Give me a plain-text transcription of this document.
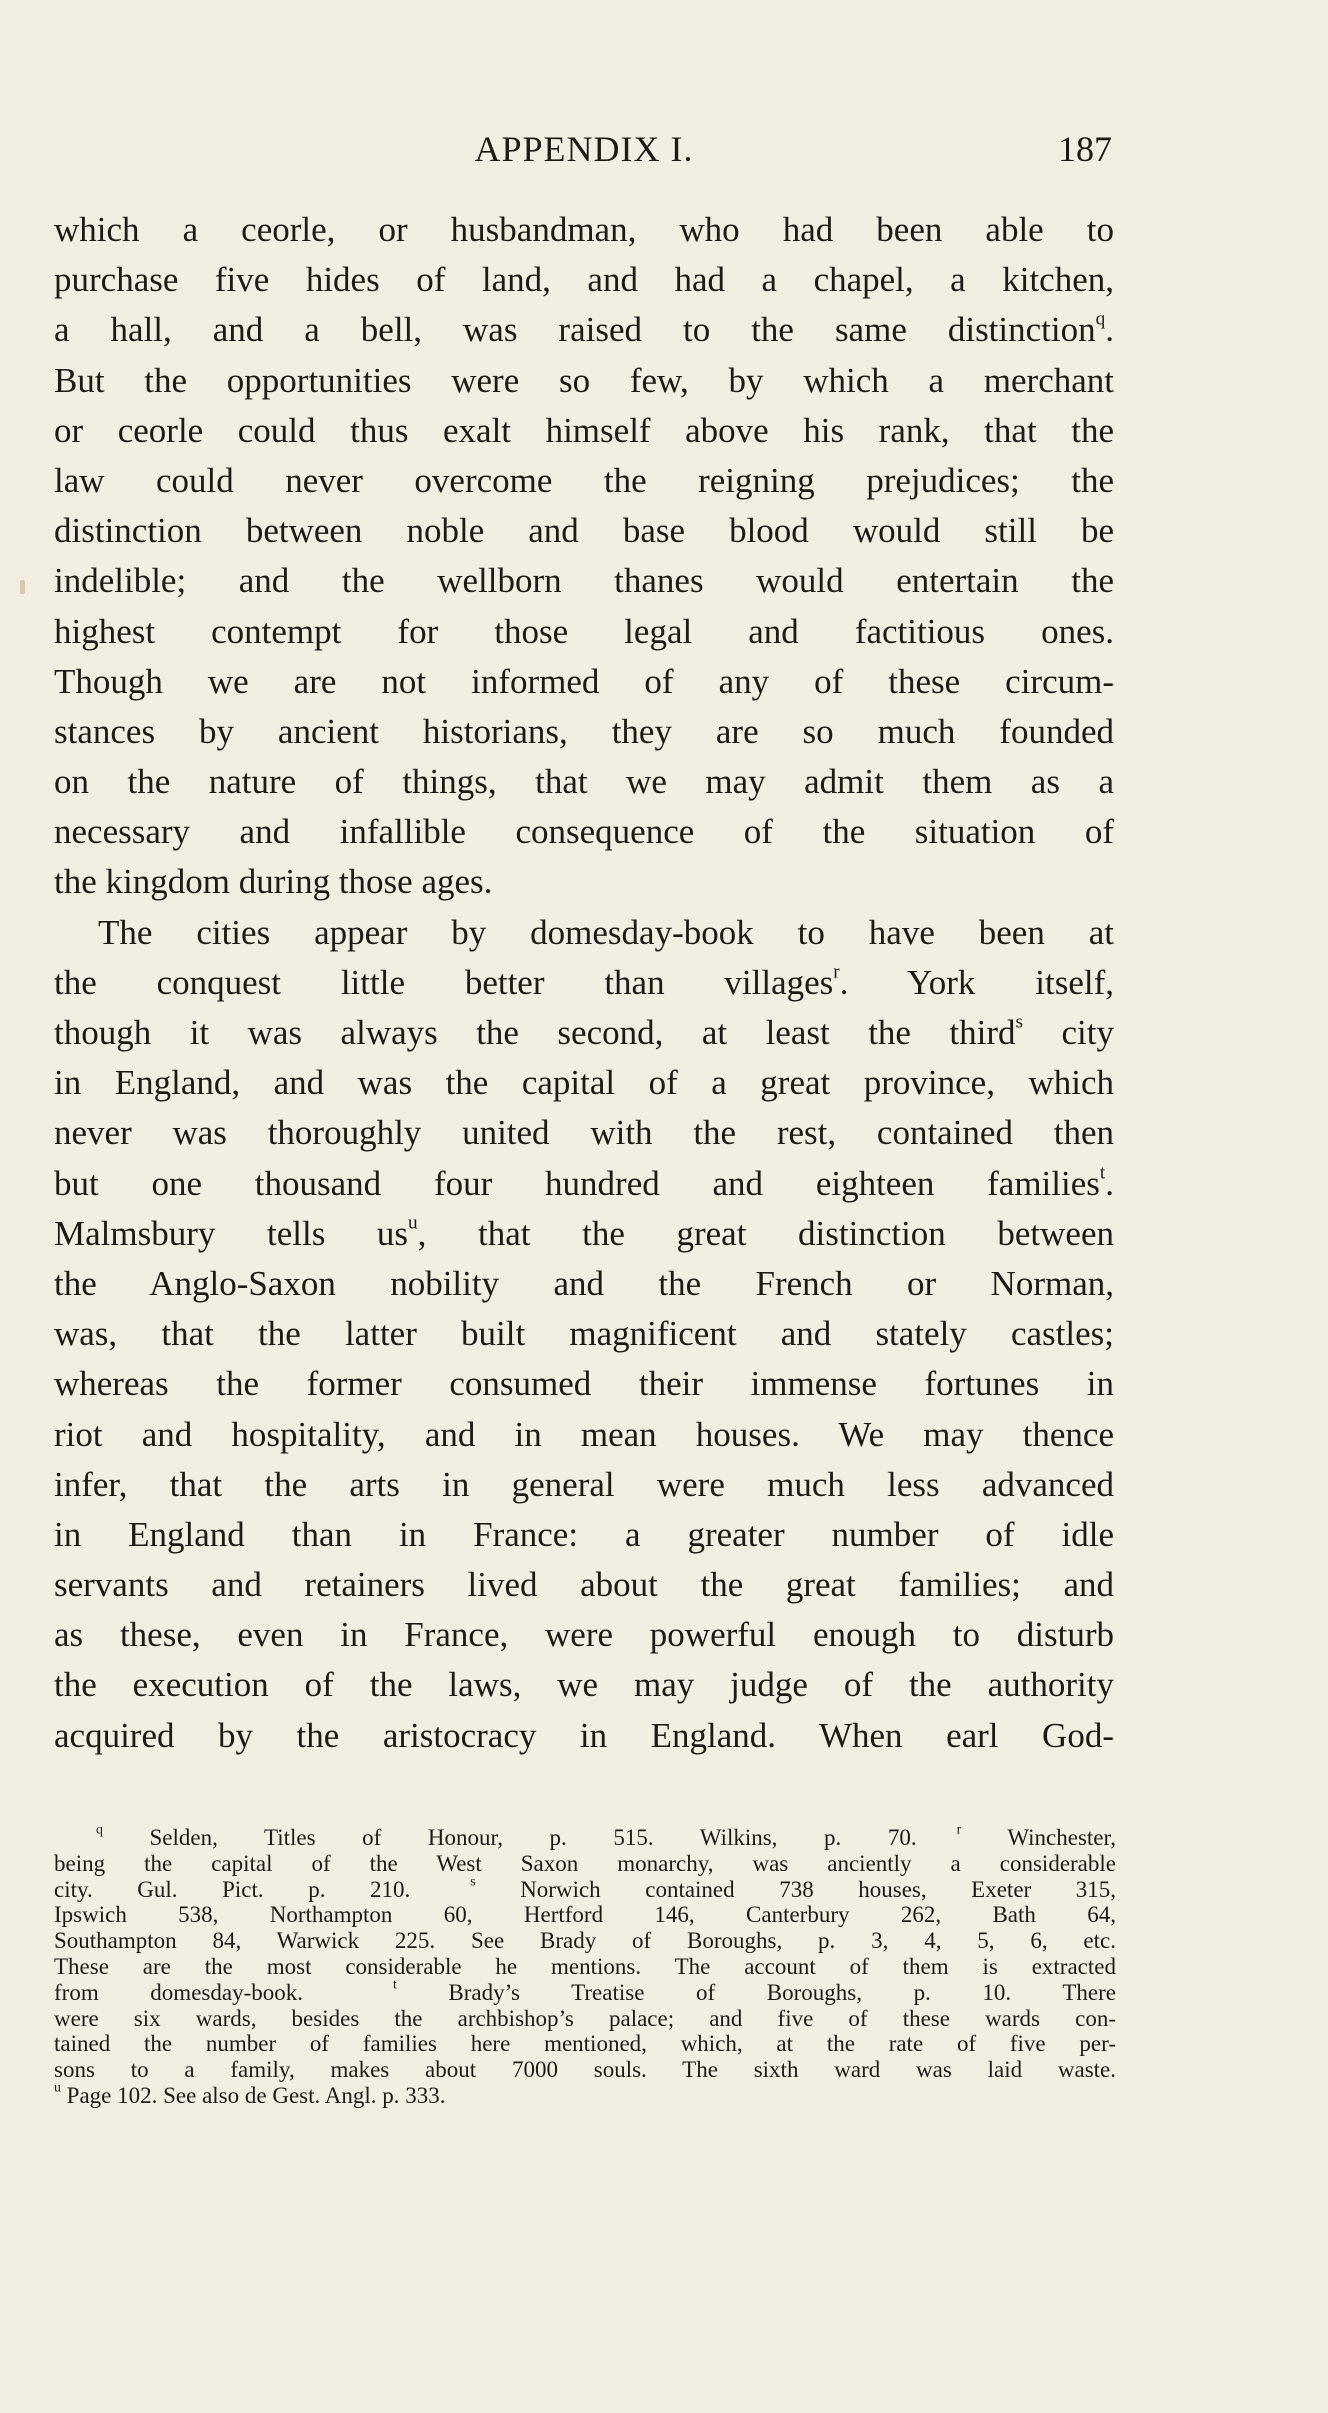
APPENDIX I.	187
which a ceorle, or husbandman, who had been able to
purchase five hides of land, and had a chapel, a kitchen,
a hall, and a bell, was raised to the same distinction$^q$.
But the opportunities were so few, by which a merchant
or ceorle could thus exalt himself above his rank, that the
law could never overcome the reigning prejudices; the
distinction between noble and base blood would still be
indelible; and the wellborn thanes would entertain the
highest contempt for those legal and factitious ones.
Though we are not informed of any of these circum-
stances by ancient historians, they are so much founded
on the nature of things, that we may admit them as a
necessary and infallible consequence of the situation of
the kingdom during those ages.
The cities appear by domesday-book to have been at
the conquest little better than villages$^r$. York itself,
though it was always the second, at least the third$^s$ city
in England, and was the capital of a great province, which
never was thoroughly united with the rest, contained then
but one thousand four hundred and eighteen families$^t$.
Malmsbury tells $us^u$, that the great distinction between
the Anglo-Saxon nobility and the French or Norman,
was, that the latter built magnificent and stately castles;
whereas the former consumed their immense fortunes in
riot and hospitality, and in mean houses. We may thence
infer, that the arts in general were much less advanced
in England than in France: a greater number of idle
servants and retainers lived about the great families; and
as these, even in France, were powerful enough to disturb
the execution of the laws, we may judge of the authority
acquired by the aristocracy in England. When earl God-
$^q$ Selden, Titles of Honour, p. 515. Wilkins, p. 70.	$^r$ Winchester,
being the capital of the West Saxon monarchy, was anciently a considerable
city. Gul. Pict. p. 210.	$^s$ Norwich contained 738 houses, Exeter 315,
Ipswich 538, Northampton 60, Hertford 146, Canterbury 262, Bath 64,
Southampton 84, Warwick 225. See Brady of Boroughs, p. 3, 4, 5, 6, etc.
These are the most considerable he mentions. The account of them is extracted
from domesday-book.	$^t$ Brady’s Treatise of Boroughs, p. 10. There
were six wards, besides the archbishop’s palace; and five of these wards con-
tained the number of families here mentioned, which, at the rate of five per-
sons to a family, makes about 7000 souls. The sixth ward was laid waste.
$^u$ Page 102. See also de Gest. Angl. p. 333.
